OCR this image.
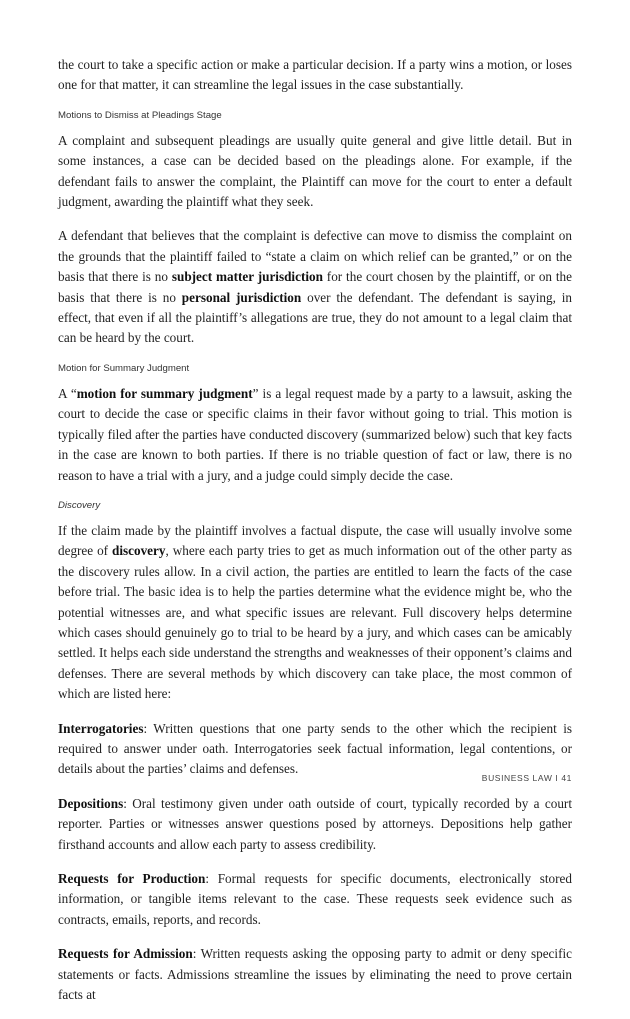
the court to take a specific action or make a particular decision. If a party wins a motion, or loses one for that matter, it can streamline the legal issues in the case substantially.

Motions to Dismiss at Pleadings Stage

A complaint and subsequent pleadings are usually quite general and give little detail. But in some instances, a case can be decided based on the pleadings alone. For example, if the defendant fails to answer the complaint, the Plaintiff can move for the court to enter a default judgment, awarding the plaintiff what they seek.

A defendant that believes that the complaint is defective can move to dismiss the complaint on the grounds that the plaintiff failed to “state a claim on which relief can be granted,” or on the basis that there is no subject matter jurisdiction for the court chosen by the plaintiff, or on the basis that there is no personal jurisdiction over the defendant. The defendant is saying, in effect, that even if all the plaintiff’s allegations are true, they do not amount to a legal claim that can be heard by the court.

Motion for Summary Judgment

A “motion for summary judgment” is a legal request made by a party to a lawsuit, asking the court to decide the case or specific claims in their favor without going to trial. This motion is typically filed after the parties have conducted discovery (summarized below) such that key facts in the case are known to both parties. If there is no triable question of fact or law, there is no reason to have a trial with a jury, and a judge could simply decide the case.

Discovery

If the claim made by the plaintiff involves a factual dispute, the case will usually involve some degree of discovery, where each party tries to get as much information out of the other party as the discovery rules allow. In a civil action, the parties are entitled to learn the facts of the case before trial. The basic idea is to help the parties determine what the evidence might be, who the potential witnesses are, and what specific issues are relevant. Full discovery helps determine which cases should genuinely go to trial to be heard by a jury, and which cases can be amicably settled. It helps each side understand the strengths and weaknesses of their opponent’s claims and defenses. There are several methods by which discovery can take place, the most common of which are listed here:

Interrogatories: Written questions that one party sends to the other which the recipient is required to answer under oath. Interrogatories seek factual information, legal contentions, or details about the parties’ claims and defenses.

Depositions: Oral testimony given under oath outside of court, typically recorded by a court reporter. Parties or witnesses answer questions posed by attorneys. Depositions help gather firsthand accounts and allow each party to assess credibility.

Requests for Production: Formal requests for specific documents, electronically stored information, or tangible items relevant to the case. These requests seek evidence such as contracts, emails, reports, and records.

Requests for Admission: Written requests asking the opposing party to admit or deny specific statements or facts. Admissions streamline the issues by eliminating the need to prove certain facts at

BUSINESS LAW I 41
